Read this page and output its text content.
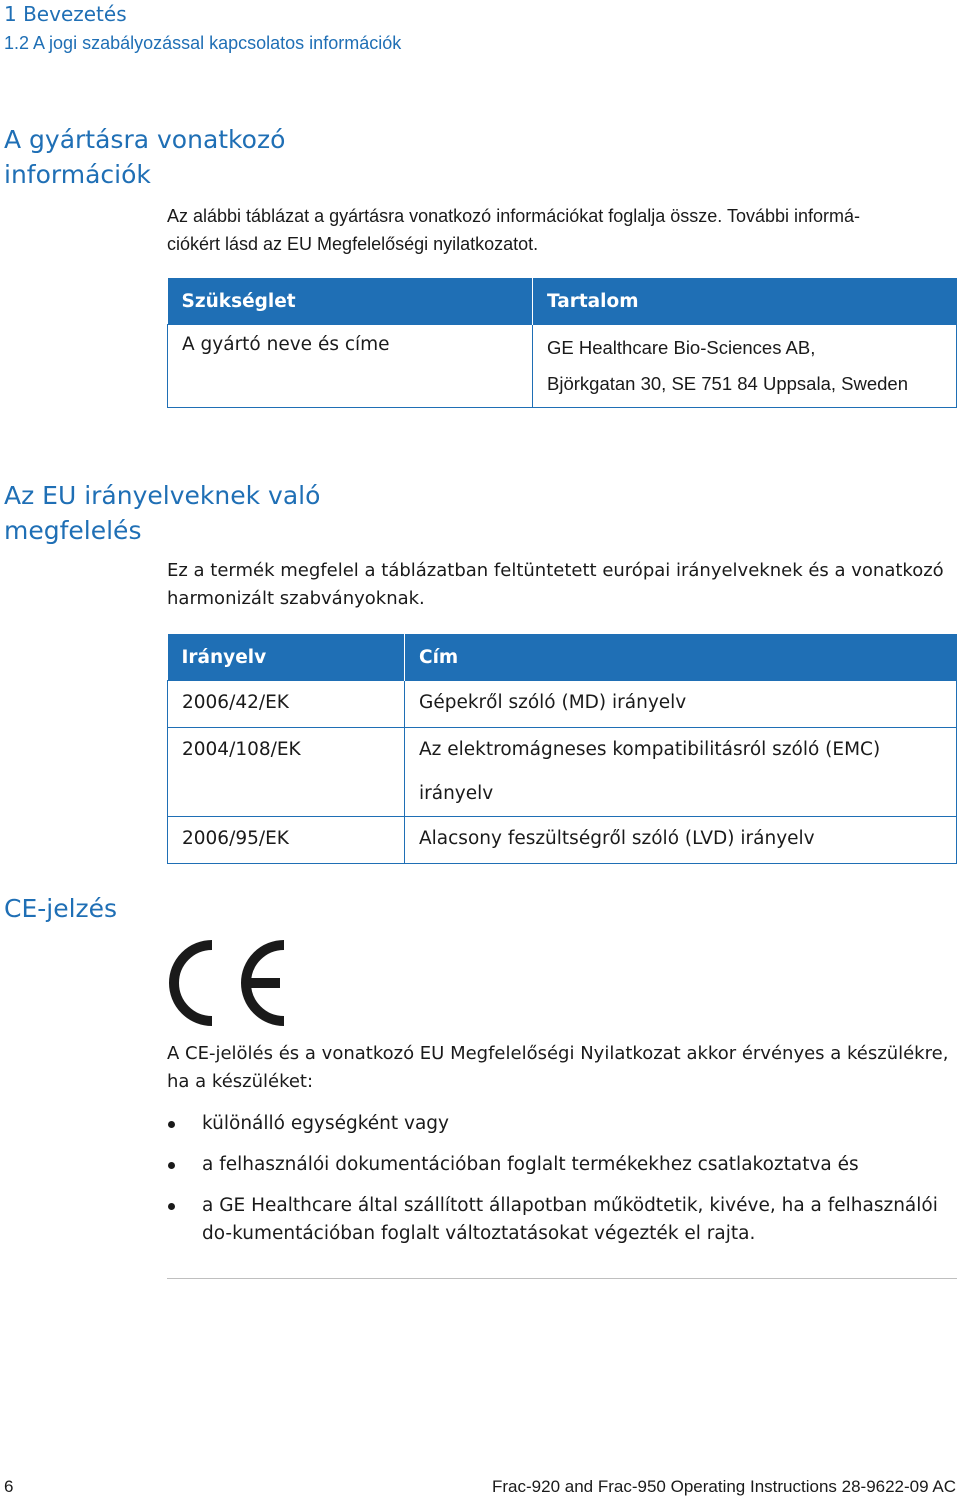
1 Bevezetés
1.2 A jogi szabályozással kapcsolatos információk
A gyártásra vonatkozó
információk
Az alábbi táblázat a gyártásra vonatkozó információkat foglalja össze. További informá-
ciókért lásd az EU Megfelelőségi nyilatkozatot.
Szükséglet	Tartalom
A gyártó neve és címe	GE Healthcare Bio-Sciences AB,
Björkgatan 30, SE 751 84 Uppsala, Sweden
Az EU irányelveknek való
megfelelés
Ez a termék megfelel a táblázatban feltüntetett európai irányelveknek és a vonatkozó
harmonizált szabványoknak.
Irányelv	Cím

2006/42/EK	Gépekről szóló (MD) irányelv

2004/108/EK	Az elektromágneses kompatibilitásról szóló (EMC) irányelv

2006/95/EK	Alacsony feszültségről szóló (LVD) irányelv
CE-jelzés
A CE-jelölés és a vonatkozó EU Megfelelőségi Nyilatkozat akkor érvényes a készülékre,
ha a készüléket:
különálló egységként vagy
a felhasználói dokumentációban foglalt termékekhez csatlakoztatva és
a GE Healthcare által szállított állapotban működtetik, kivéve, ha a felhasználói do-kumentációban foglalt változtatásokat végezték el rajta.
6	Frac-920 and Frac-950 Operating Instructions 28-9622-09 AC
